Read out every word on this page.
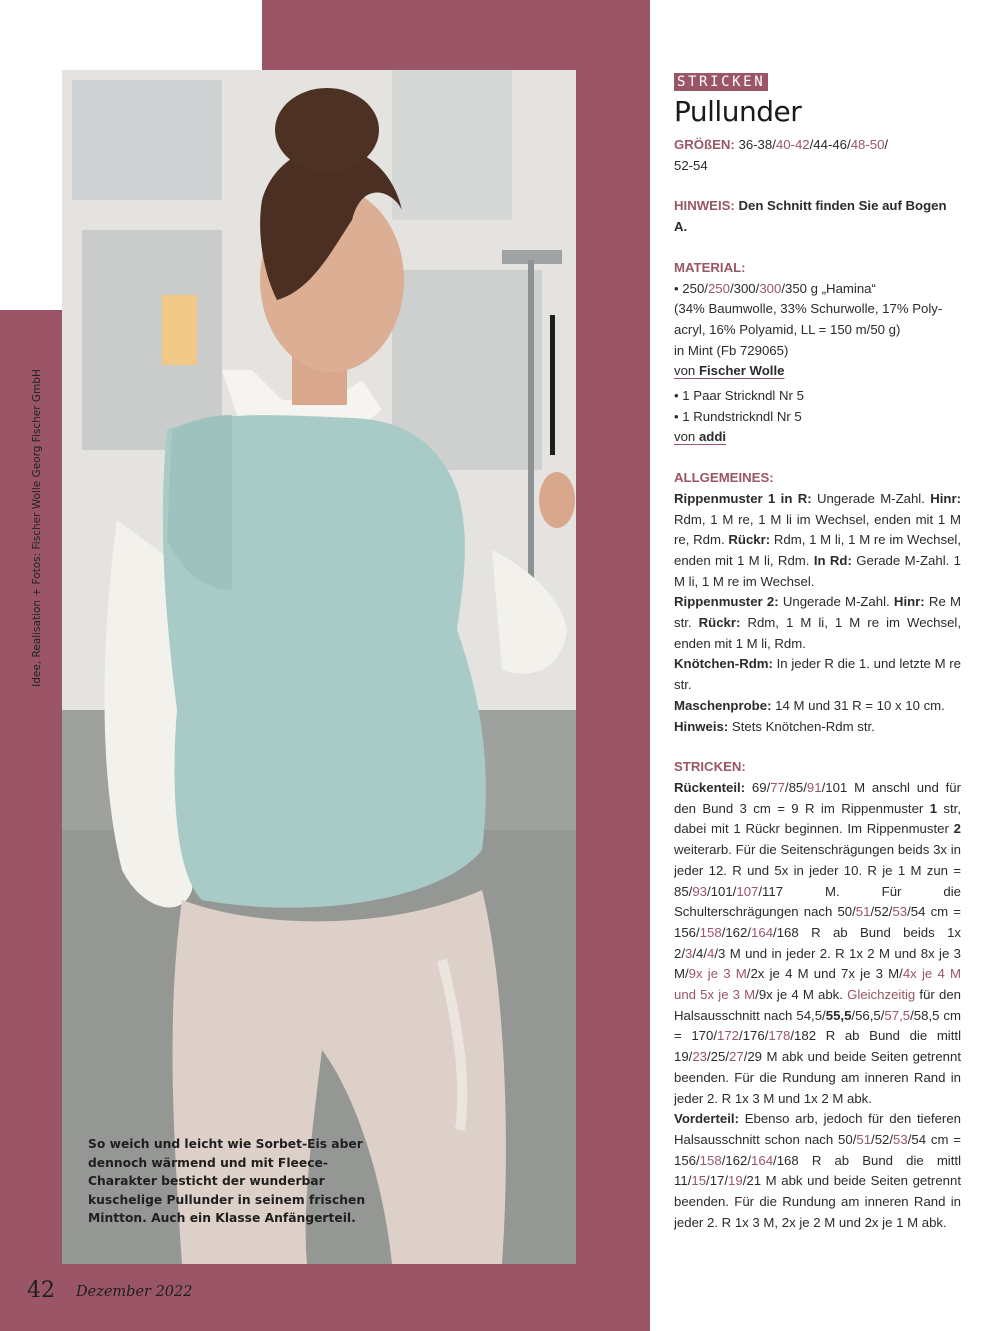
So weich und leicht wie Sorbet-Eis aber dennoch wärmend und mit Fleece-Charakter besticht der wunderbar kuschelige Pullunder in seinem frischen Mintton. Auch ein Klasse Anfängerteil.

Idee, Realisation + Fotos: Fischer Wolle Georg Fischer GmbH
42 Dezember 2022
STRICKEN
Pullunder
GRÖßEN: 36-38/40-42/44-46/48-50/
52-54
HINWEIS: Den Schnitt finden Sie auf Bogen A.
MATERIAL:
• 250/250/300/300/350 g „Hamina“
(34% Baumwolle, 33% Schurwolle, 17% Poly-
acryl, 16% Polyamid, LL = 150 m/50 g)
in Mint (Fb 729065)
von Fischer Wolle
• 1 Paar Strickndl Nr 5
• 1 Rundstrickndl Nr 5
von addi
ALLGEMEINES:
Rippenmuster 1 in R: Ungerade M-Zahl. Hinr: Rdm, 1 M re, 1 M li im Wechsel, enden mit 1 M re, Rdm. Rückr: Rdm, 1 M li, 1 M re im Wechsel, enden mit 1 M li, Rdm. In Rd: Gerade M-Zahl. 1 M li, 1 M re im Wechsel.
Rippenmuster 2: Ungerade M-Zahl. Hinr: Re M str. Rückr: Rdm, 1 M li, 1 M re im Wechsel, enden mit 1 M li, Rdm.
Knötchen-Rdm: In jeder R die 1. und letzte M re str.
Maschenprobe: 14 M und 31 R = 10 x 10 cm.
Hinweis: Stets Knötchen-Rdm str.
STRICKEN:
Rückenteil: 69/77/85/91/101 M anschl und für den Bund 3 cm = 9 R im Rippenmuster 1 str, dabei mit 1 Rückr beginnen. Im Rippenmuster 2 weiterarb. Für die Seitenschrägungen beids 3x in jeder 12. R und 5x in jeder 10. R je 1 M zun = 85/93/101/107/117 M. Für die Schulterschrägungen nach 50/51/52/53/54 cm = 156/158/162/164/168 R ab Bund beids 1x 2/3/4/4/3 M und in jeder 2. R 1x 2 M und 8x je 3 M/9x je 3 M/2x je 4 M und 7x je 3 M/4x je 4 M und 5x je 3 M/9x je 4 M abk. Gleichzeitig für den Halsausschnitt nach 54,5/55,5/56,5/57,5/58,5 cm = 170/172/176/178/182 R ab Bund die mittl 19/23/25/27/29 M abk und beide Seiten getrennt beenden. Für die Rundung am inneren Rand in jeder 2. R 1x 3 M und 1x 2 M abk.
Vorderteil: Ebenso arb, jedoch für den tieferen Halsausschnitt schon nach 50/51/52/53/54 cm = 156/158/162/164/168 R ab Bund die mittl 11/15/17/19/21 M abk und beide Seiten getrennt beenden. Für die Rundung am inneren Rand in jeder 2. R 1x 3 M, 2x je 2 M und 2x je 1 M abk.
